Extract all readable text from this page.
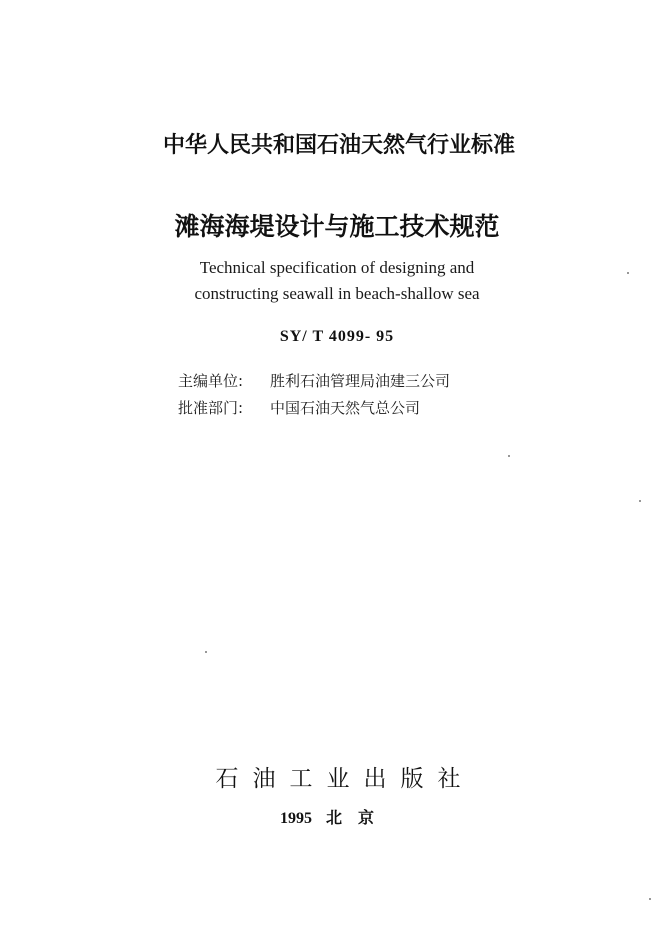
中华人民共和国石油天然气行业标准
滩海海堤设计与施工技术规范
Technical specification of designing and
constructing seawall in beach-shallow sea
SY/ T 4099- 95
主编单位: 胜利石油管理局油建三公司
批准部门: 中国石油天然气总公司
石油工业出版社
1995 北京
